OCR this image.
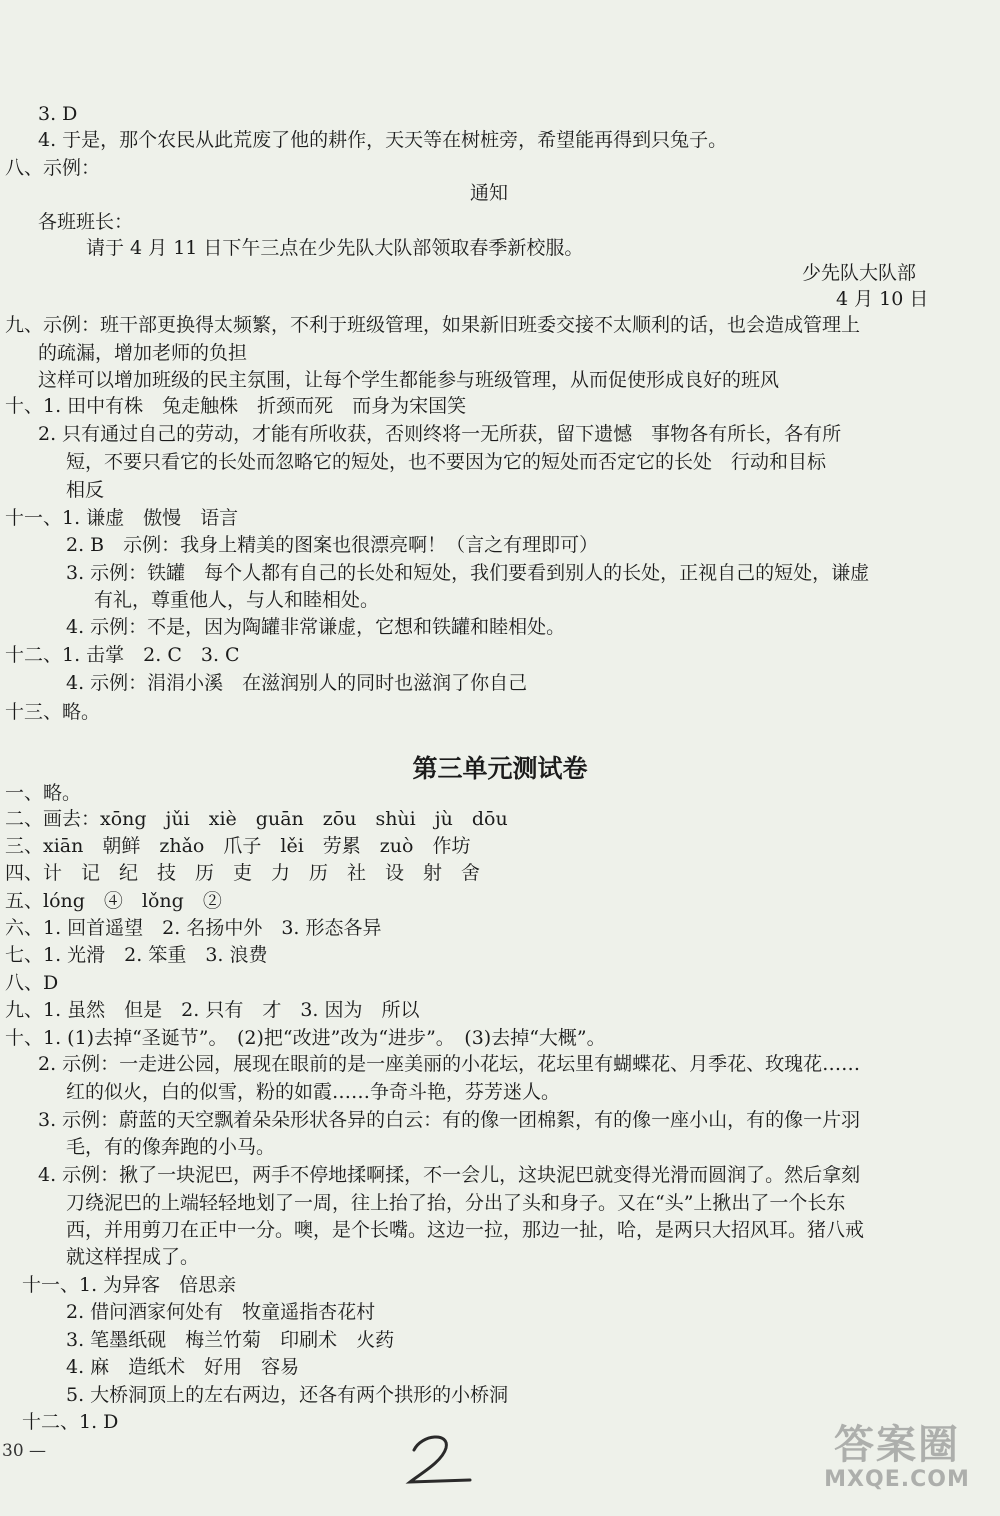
3. D
4. 于是，那个农民从此荒废了他的耕作，天天等在树桩旁，希望能再得到只兔子。
八、示例：
通知
各班班长：
请于 4 月 11 日下午三点在少先队大队部领取春季新校服。
少先队大队部
4 月 10 日
九、示例：班干部更换得太频繁，不利于班级管理，如果新旧班委交接不太顺利的话，也会造成管理上
的疏漏，增加老师的负担
这样可以增加班级的民主氛围，让每个学生都能参与班级管理，从而促使形成良好的班风
十、1. 田中有株　兔走触株　折颈而死　而身为宋国笑
2. 只有通过自己的劳动，才能有所收获，否则终将一无所获，留下遗憾　事物各有所长，各有所
短，不要只看它的长处而忽略它的短处，也不要因为它的短处而否定它的长处　行动和目标
相反
十一、1. 谦虚　傲慢　语言
2. B　示例：我身上精美的图案也很漂亮啊！（言之有理即可）
3. 示例：铁罐　每个人都有自己的长处和短处，我们要看到别人的长处，正视自己的短处，谦虚
有礼，尊重他人，与人和睦相处。
4. 示例：不是，因为陶罐非常谦虚，它想和铁罐和睦相处。
十二、1. 击掌　2. C　3. C
4. 示例：涓涓小溪　在滋润别人的同时也滋润了你自己
十三、略。
一、略。
二、画去：xōng　jǔi　xiè　guān　zōu　shùi　jù　dōu
三、xiān　朝鲜　zhǎo　爪子　lěi　劳累　zuò　作坊
四、计　记　纪　技　历　吏　力　历　社　设　射　舍
五、lóng　④　lǒng　②
六、1. 回首遥望　2. 名扬中外　3. 形态各异
七、1. 光滑　2. 笨重　3. 浪费
八、D
九、1. 虽然　但是　2. 只有　才　3. 因为　所以
十、1. (1)去掉“圣诞节”。　(2)把“改进”改为“进步”。　(3)去掉“大概”。
2. 示例：一走进公园，展现在眼前的是一座美丽的小花坛，花坛里有蝴蝶花、月季花、玫瑰花……
红的似火，白的似雪，粉的如霞……争奇斗艳，芬芳迷人。
3. 示例：蔚蓝的天空飘着朵朵形状各异的白云：有的像一团棉絮，有的像一座小山，有的像一片羽
毛，有的像奔跑的小马。
4. 示例：揪了一块泥巴，两手不停地揉啊揉，不一会儿，这块泥巴就变得光滑而圆润了。然后拿刻
刀绕泥巴的上端轻轻地划了一周，往上抬了抬，分出了头和身子。又在“头”上揪出了一个长东
西，并用剪刀在正中一分。噢，是个长嘴。这边一拉，那边一扯，哈，是两只大招风耳。猪八戒
就这样捏成了。
十一、1. 为异客　倍思亲
2. 借问酒家何处有　牧童遥指杏花村
3. 笔墨纸砚　梅兰竹菊　印刷术　火药
4. 麻　造纸术　好用　容易
5. 大桥洞顶上的左右两边，还各有两个拱形的小桥洞
十二、1. D
第三单元测试卷
30 —	答案圈
MXQE.COM
